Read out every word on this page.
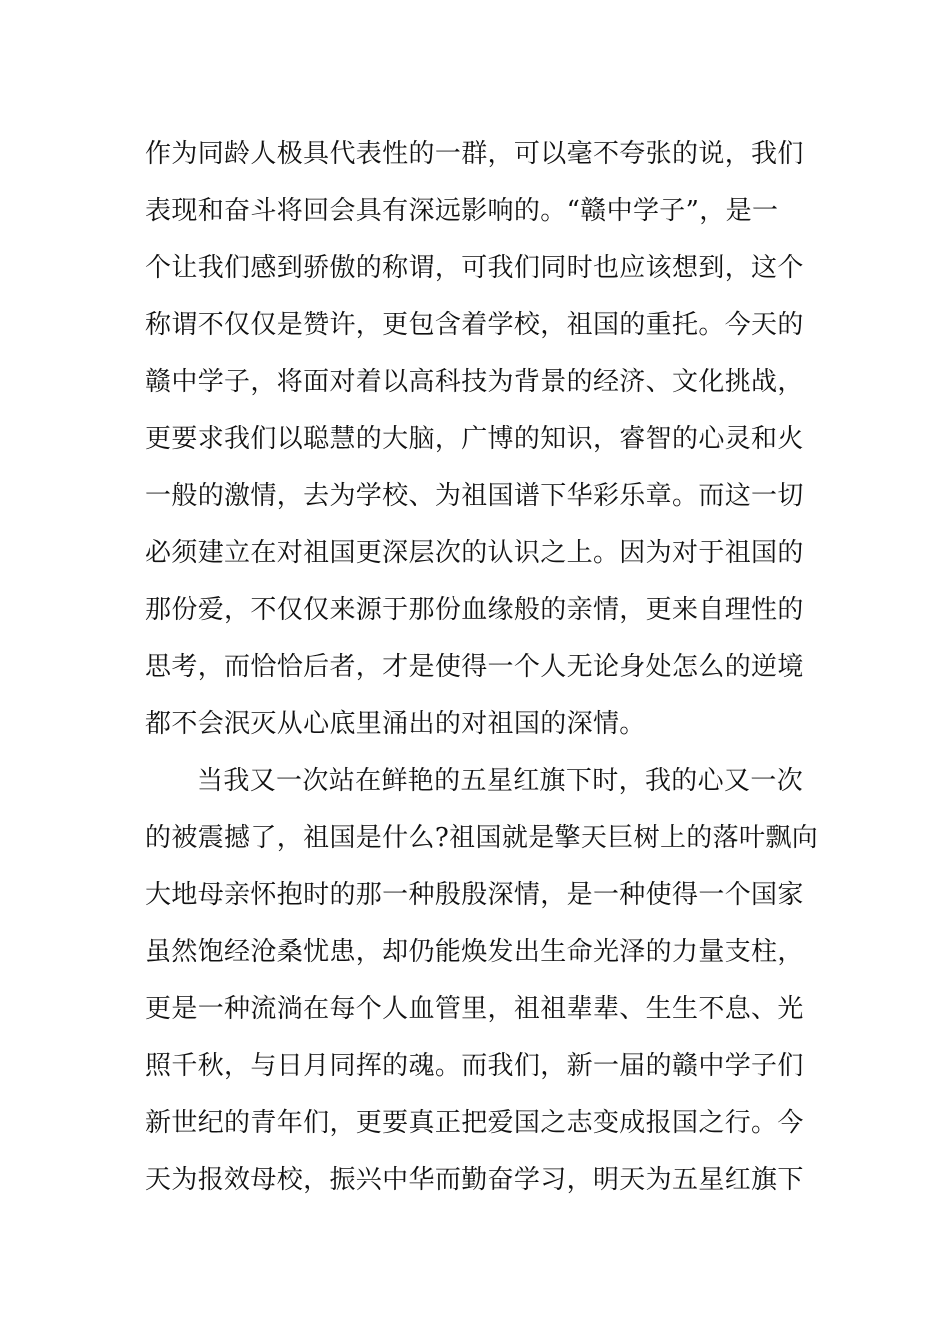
作为同龄人极具代表性的一群，可以毫不夸张的说，我们
表现和奋斗将回会具有深远影响的。“赣中学子”，是一
个让我们感到骄傲的称谓，可我们同时也应该想到，这个
称谓不仅仅是赞许，更包含着学校，祖国的重托。今天的
赣中学子，将面对着以高科技为背景的经济、文化挑战，
更要求我们以聪慧的大脑，广博的知识，睿智的心灵和火
一般的激情，去为学校、为祖国谱下华彩乐章。而这一切
必须建立在对祖国更深层次的认识之上。因为对于祖国的
那份爱，不仅仅来源于那份血缘般的亲情，更来自理性的
思考，而恰恰后者，才是使得一个人无论身处怎么的逆境
都不会泯灭从心底里涌出的对祖国的深情。
当我又一次站在鲜艳的五星红旗下时，我的心又一次
的被震撼了，祖国是什么?祖国就是擎天巨树上的落叶飘向
大地母亲怀抱时的那一种殷殷深情，是一种使得一个国家
虽然饱经沧桑忧患，却仍能焕发出生命光泽的力量支柱，
更是一种流淌在每个人血管里，祖祖辈辈、生生不息、光
照千秋，与日月同挥的魂。而我们，新一届的赣中学子们
新世纪的青年们，更要真正把爱国之志变成报国之行。今
天为报效母校，振兴中华而勤奋学习，明天为五星红旗下
